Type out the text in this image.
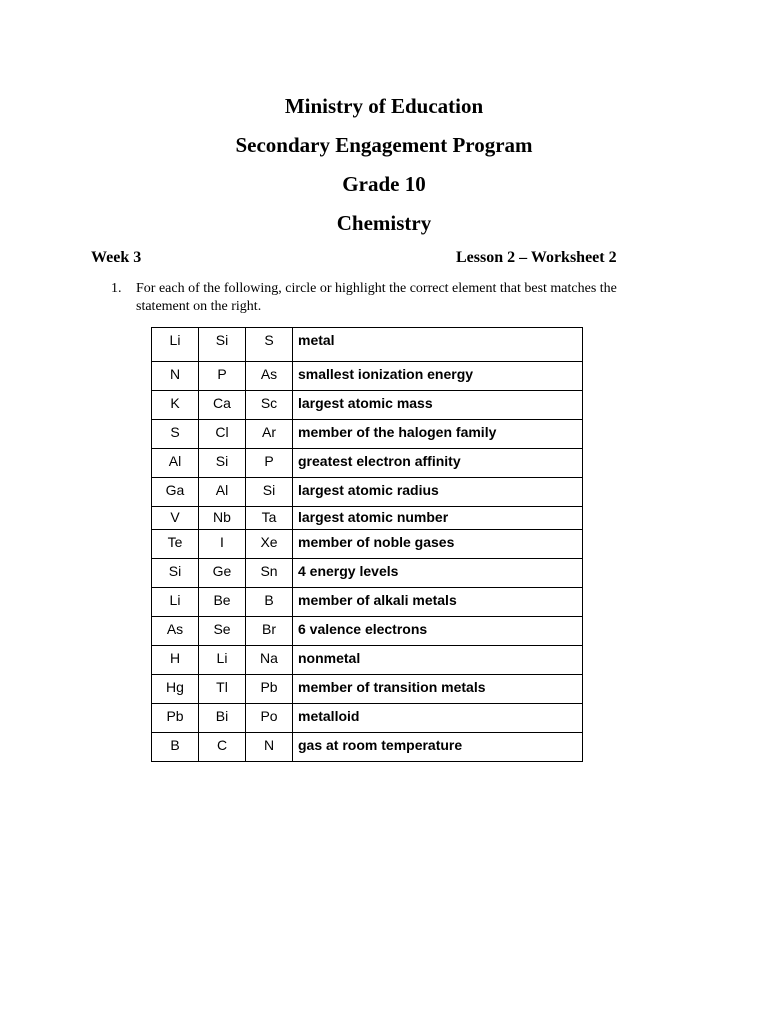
Ministry of Education
Secondary Engagement Program
Grade 10
Chemistry
Week 3	Lesson 2 – Worksheet 2
1. For each of the following, circle or highlight the correct element that best matches the statement on the right.
Li	Si	S	metal
N	P	As	smallest ionization energy
K	Ca	Sc	largest atomic mass
S	Cl	Ar	member of the halogen family
Al	Si	P	greatest electron affinity
Ga	Al	Si	largest atomic radius
V	Nb	Ta	largest atomic number
Te	I	Xe	member of noble gases
Si	Ge	Sn	4 energy levels
Li	Be	B	member of alkali metals
As	Se	Br	6 valence electrons
H	Li	Na	nonmetal
Hg	Tl	Pb	member of transition metals
Pb	Bi	Po	metalloid
B	C	N	gas at room temperature
